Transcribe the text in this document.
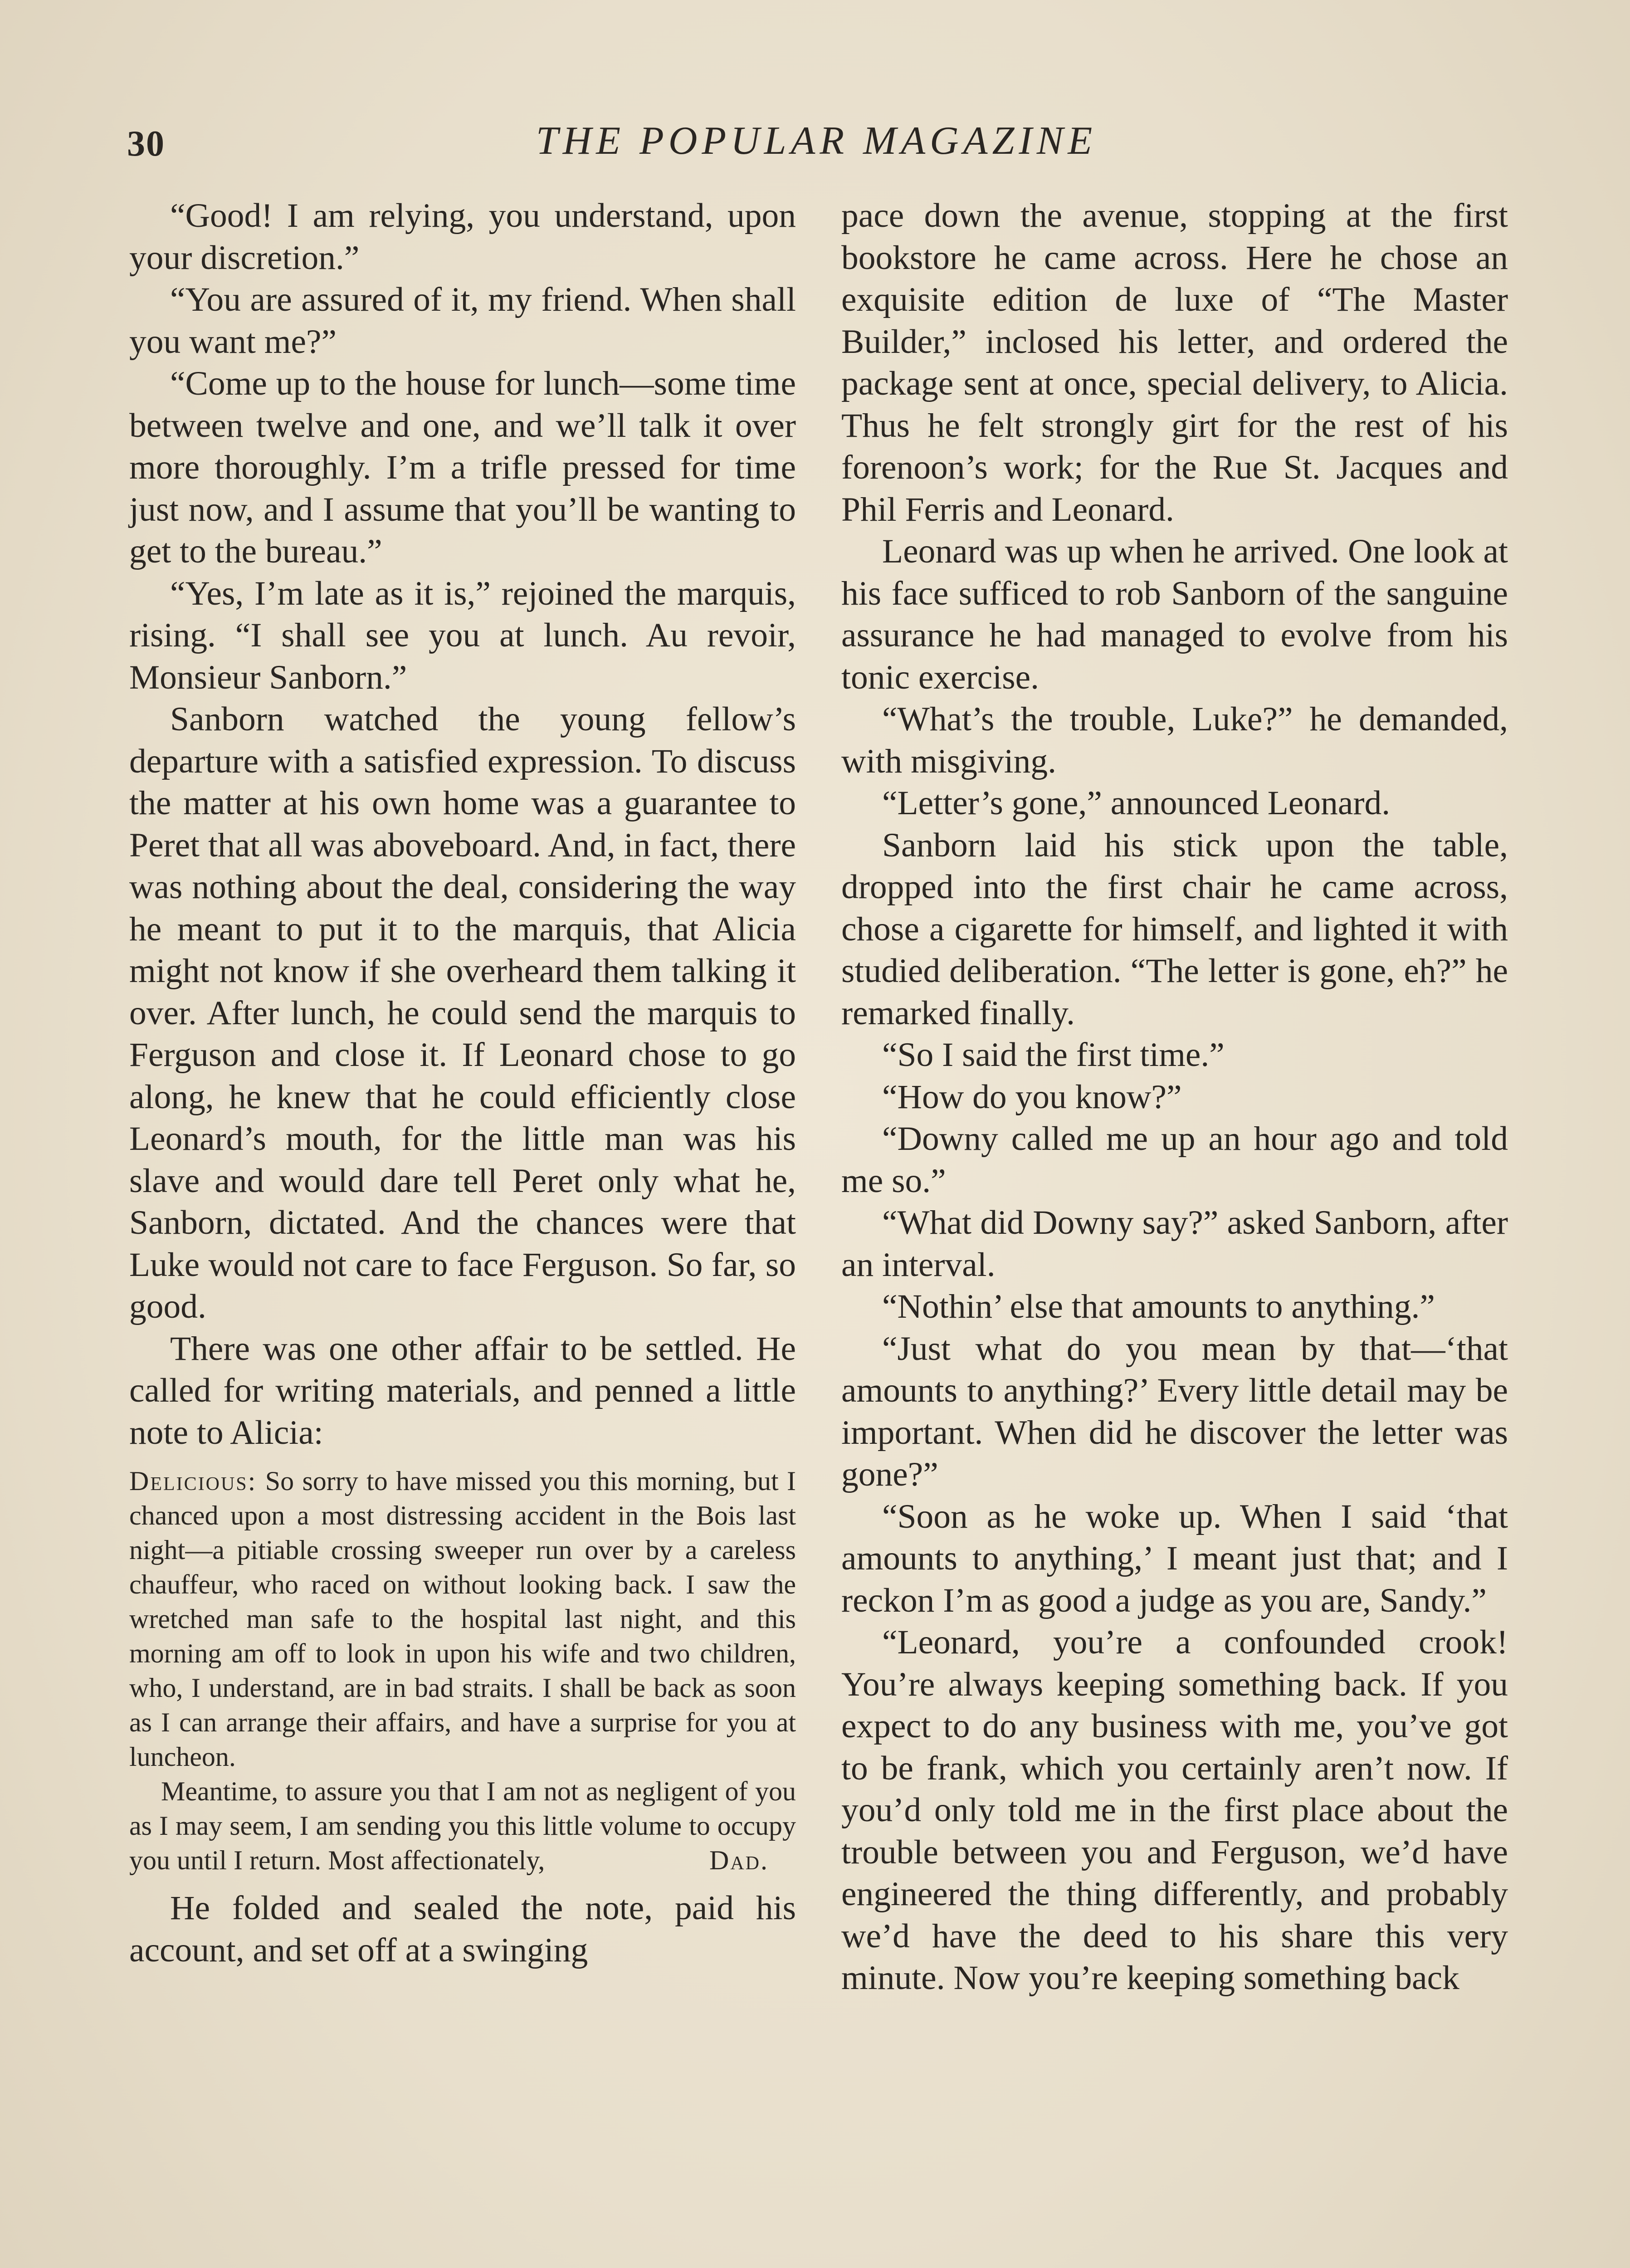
30	THE POPULAR MAGAZINE

“Good! I am relying, you understand, upon your discretion.”

“You are assured of it, my friend. When shall you want me?”

“Come up to the house for lunch—some time between twelve and one, and we’ll talk it over more thoroughly. I’m a trifle pressed for time just now, and I assume that you’ll be wanting to get to the bureau.”

“Yes, I’m late as it is,” rejoined the marquis, rising. “I shall see you at lunch. Au revoir, Monsieur Sanborn.”

Sanborn watched the young fellow’s departure with a satisfied expression. To discuss the matter at his own home was a guarantee to Peret that all was aboveboard. And, in fact, there was nothing about the deal, considering the way he meant to put it to the marquis, that Alicia might not know if she overheard them talking it over. After lunch, he could send the marquis to Ferguson and close it. If Leonard chose to go along, he knew that he could efficiently close Leonard’s mouth, for the little man was his slave and would dare tell Peret only what he, Sanborn, dictated. And the chances were that Luke would not care to face Ferguson. So far, so good.

There was one other affair to be settled. He called for writing materials, and penned a little note to Alicia:

Delicious: So sorry to have missed you this morning, but I chanced upon a most distressing accident in the Bois last night—a pitiable crossing sweeper run over by a careless chauffeur, who raced on without looking back. I saw the wretched man safe to the hospital last night, and this morning am off to look in upon his wife and two children, who, I understand, are in bad straits. I shall be back as soon as I can arrange their affairs, and have a surprise for you at luncheon.

Meantime, to assure you that I am not as negligent of you as I may seem, I am sending you this little volume to occupy you until I return. Most affectionately,	Dad.

He folded and sealed the note, paid his account, and set off at a swinging

pace down the avenue, stopping at the first bookstore he came across. Here he chose an exquisite edition de luxe of “The Master Builder,” inclosed his letter, and ordered the package sent at once, special delivery, to Alicia. Thus he felt strongly girt for the rest of his forenoon’s work; for the Rue St. Jacques and Phil Ferris and Leonard.

Leonard was up when he arrived. One look at his face sufficed to rob Sanborn of the sanguine assurance he had managed to evolve from his tonic exercise.

“What’s the trouble, Luke?” he demanded, with misgiving.

“Letter’s gone,” announced Leonard.

Sanborn laid his stick upon the table, dropped into the first chair he came across, chose a cigarette for himself, and lighted it with studied deliberation. “The letter is gone, eh?” he remarked finally.

“So I said the first time.”

“How do you know?”

“Downy called me up an hour ago and told me so.”

“What did Downy say?” asked Sanborn, after an interval.

“Nothin’ else that amounts to anything.”

“Just what do you mean by that—‘that amounts to anything?’ Every little detail may be important. When did he discover the letter was gone?”

“Soon as he woke up. When I said ‘that amounts to anything,’ I meant just that; and I reckon I’m as good a judge as you are, Sandy.”

“Leonard, you’re a confounded crook! You’re always keeping something back. If you expect to do any business with me, you’ve got to be frank, which you certainly aren’t now. If you’d only told me in the first place about the trouble between you and Ferguson, we’d have engineered the thing differently, and probably we’d have the deed to his share this very minute. Now you’re keeping something back
